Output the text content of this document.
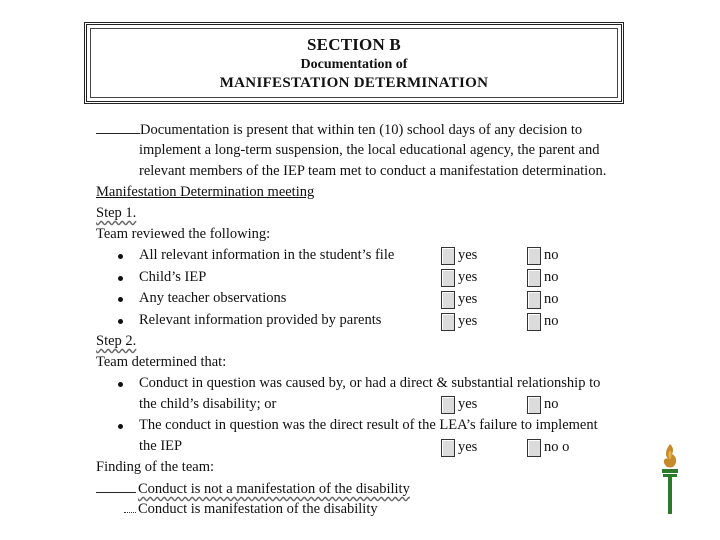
SECTION B
Documentation of
MANIFESTATION DETERMINATION
Documentation is present that within ten (10) school days of any decision to
implement a long-term suspension, the local educational agency, the parent and
relevant members of the IEP team met to conduct a manifestation determination.
Manifestation Determination meeting
Step 1.
Team reviewed the following:
All relevant information in the student’s file	yes	no
Child’s IEP	yes	no
Any teacher observations	yes	no
Relevant information provided by parents	yes	no
Step 2.
Team determined that:
Conduct in question was caused by, or had a direct & substantial relationship to
the child’s disability; or	yes	no
The conduct in question was the direct result of the LEA’s failure to implement
the IEP	yes	no o
Finding of the team:
Conduct is not a manifestation of the disability
Conduct is manifestation of the disability
